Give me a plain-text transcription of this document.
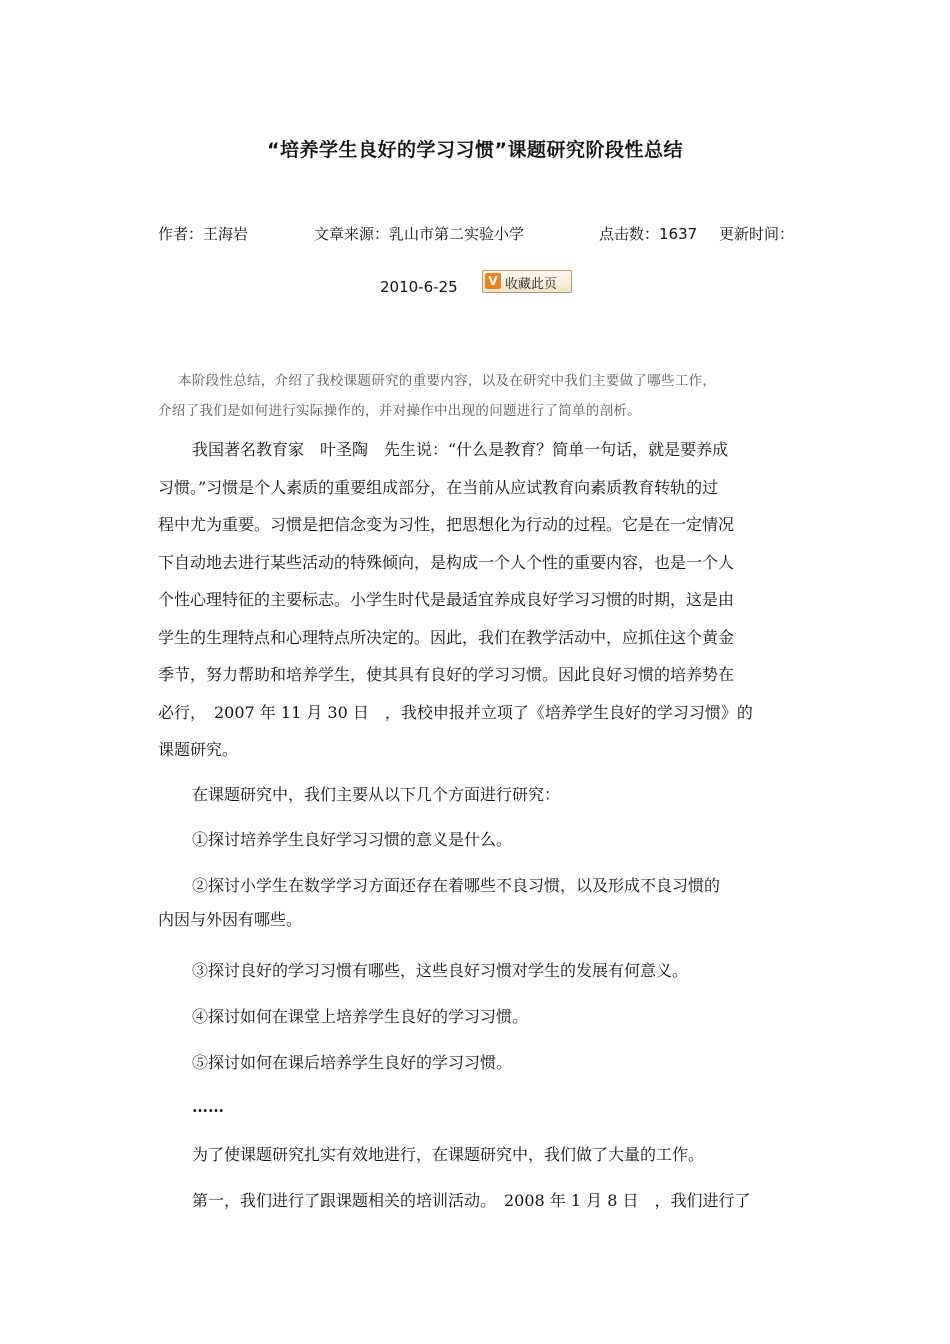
“培养学生良好的学习习惯”课题研究阶段性总结
作者：王海岩	文章来源：乳山市第二实验小学	点击数：1637 更新时间：
2010-6-25	V 收藏此页
本阶段性总结，介绍了我校课题研究的重要内容，以及在研究中我们主要做了哪些工作，
介绍了我们是如何进行实际操作的，并对操作中出现的问题进行了简单的剖析。
我国著名教育家　叶圣陶　先生说：“什么是教育？简单一句话，就是要养成
习惯。”习惯是个人素质的重要组成部分，在当前从应试教育向素质教育转轨的过
程中尤为重要。习惯是把信念变为习性，把思想化为行动的过程。它是在一定情况
下自动地去进行某些活动的特殊倾向，是构成一个人个性的重要内容，也是一个人
个性心理特征的主要标志。小学生时代是最适宜养成良好学习习惯的时期，这是由
学生的生理特点和心理特点所决定的。因此，我们在教学活动中，应抓住这个黄金
季节，努力帮助和培养学生，使其具有良好的学习习惯。因此良好习惯的培养势在
必行，　2007 年 11 月 30 日　，我校申报并立项了《培养学生良好的学习习惯》的
课题研究。
在课题研究中，我们主要从以下几个方面进行研究：
①探讨培养学生良好学习习惯的意义是什么。
②探讨小学生在数学学习方面还存在着哪些不良习惯，以及形成不良习惯的
内因与外因有哪些。
③探讨良好的学习习惯有哪些，这些良好习惯对学生的发展有何意义。
④探讨如何在课堂上培养学生良好的学习习惯。
⑤探讨如何在课后培养学生良好的学习习惯。
……
为了使课题研究扎实有效地进行，在课题研究中，我们做了大量的工作。
第一，我们进行了跟课题相关的培训活动。　2008 年 1 月 8 日　，我们进行了
